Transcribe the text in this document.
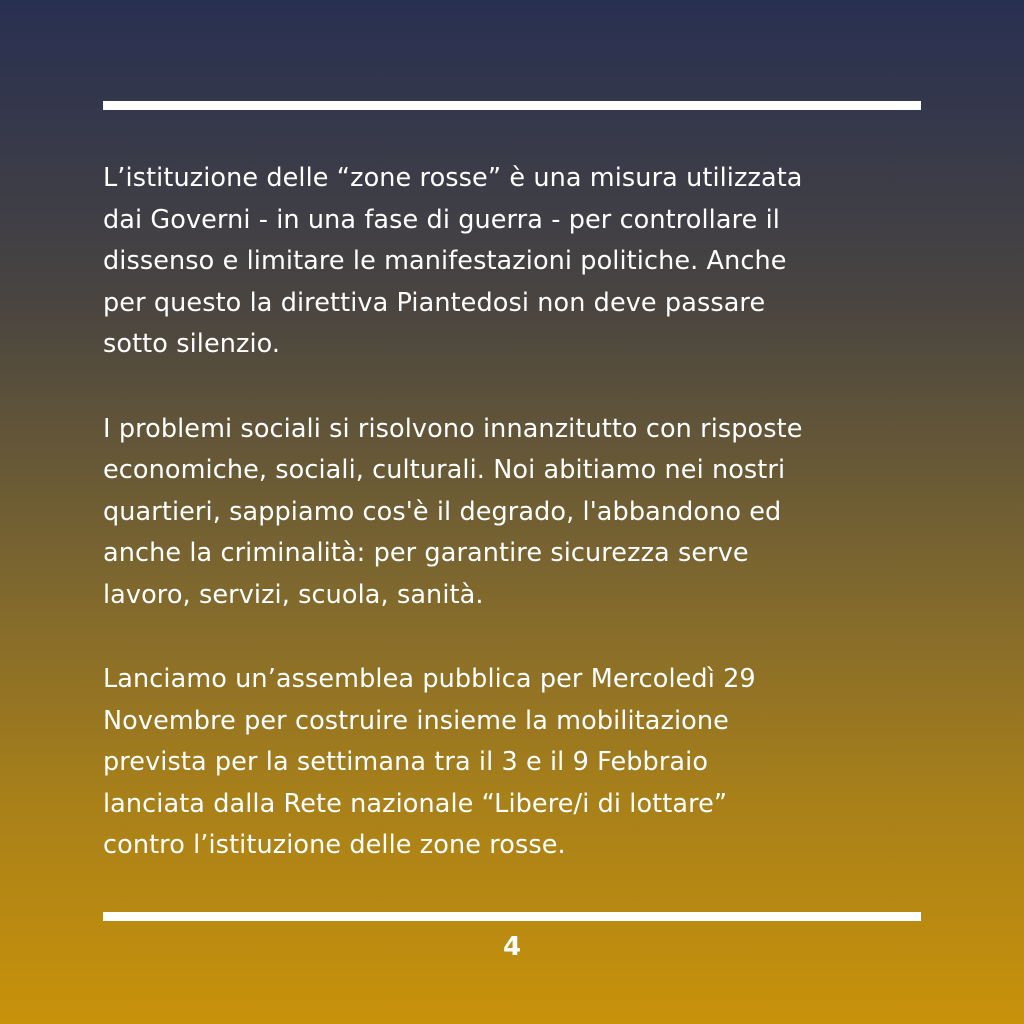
L’istituzione delle “zone rosse” è una misura utilizzata
dai Governi - in una fase di guerra - per controllare il
dissenso e limitare le manifestazioni politiche. Anche
per questo la direttiva Piantedosi non deve passare
sotto silenzio.

I problemi sociali si risolvono innanzitutto con risposte
economiche, sociali, culturali. Noi abitiamo nei nostri
quartieri, sappiamo cos'è il degrado, l'abbandono ed
anche la criminalità: per garantire sicurezza serve
lavoro, servizi, scuola, sanità.

Lanciamo un’assemblea pubblica per Mercoledì 29
Novembre per costruire insieme la mobilitazione
prevista per la settimana tra il 3 e il 9 Febbraio
lanciata dalla Rete nazionale “Libere/i di lottare”
contro l’istituzione delle zone rosse.

4
